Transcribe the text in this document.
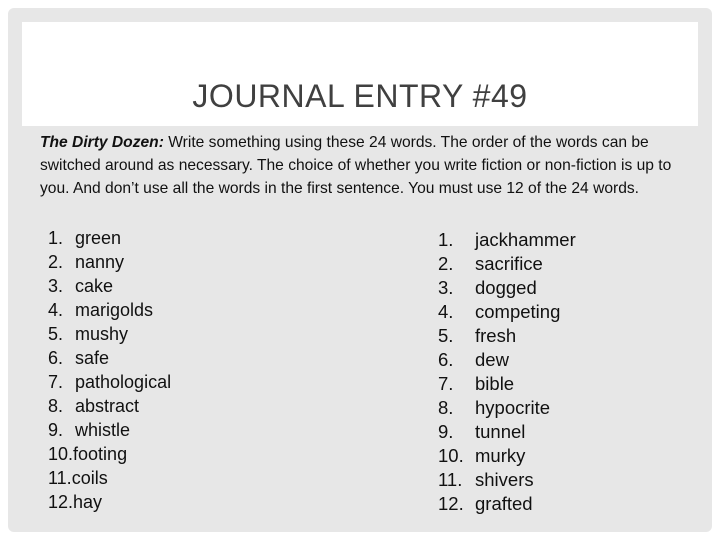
JOURNAL ENTRY #49
The Dirty Dozen: Write something using these 24 words. The order of the words can be switched around as necessary. The choice of whether you write fiction or non-fiction is up to you. And don’t use all the words in the first sentence. You must use 12 of the 24 words.
1. green
2. nanny
3. cake
4. marigolds
5. mushy
6. safe
7. pathological
8. abstract
9. whistle
10.footing
11.coils
12.hay
1. jackhammer
2. sacrifice
3. dogged
4. competing
5. fresh
6. dew
7. bible
8. hypocrite
9. tunnel
10. murky
11. shivers
12. grafted
